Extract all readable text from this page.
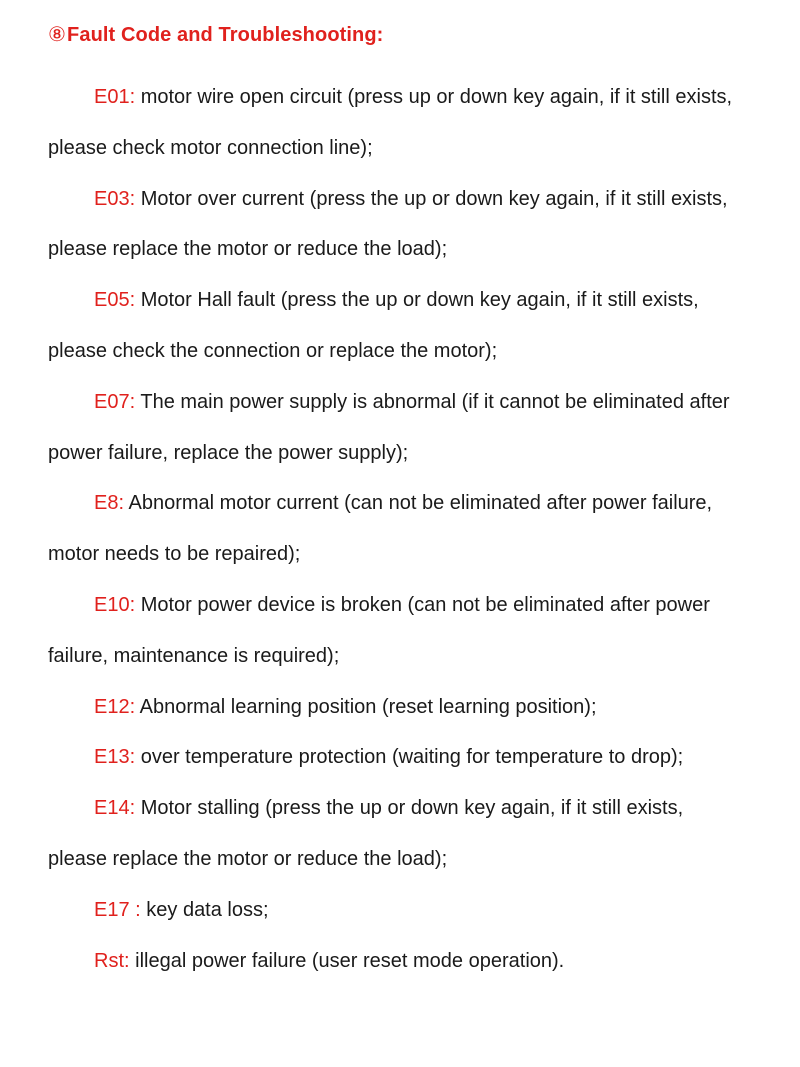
⑧Fault Code and Troubleshooting:
E01: motor wire open circuit (press up or down key again, if it still exists, please check motor connection line);
E03: Motor over current (press the up or down key again, if it still exists, please replace the motor or reduce the load);
E05: Motor Hall fault (press the up or down key again, if it still exists, please check the connection or replace the motor);
E07: The main power supply is abnormal (if it cannot be eliminated after power failure, replace the power supply);
E8: Abnormal motor current (can not be eliminated after power failure, motor needs to be repaired);
E10: Motor power device is broken (can not be eliminated after power failure, maintenance is required);
E12: Abnormal learning position (reset learning position);
E13: over temperature protection (waiting for temperature to drop);
E14: Motor stalling (press the up or down key again, if it still exists, please replace the motor or reduce the load);
E17 : key data loss;
Rst: illegal power failure (user reset mode operation).
